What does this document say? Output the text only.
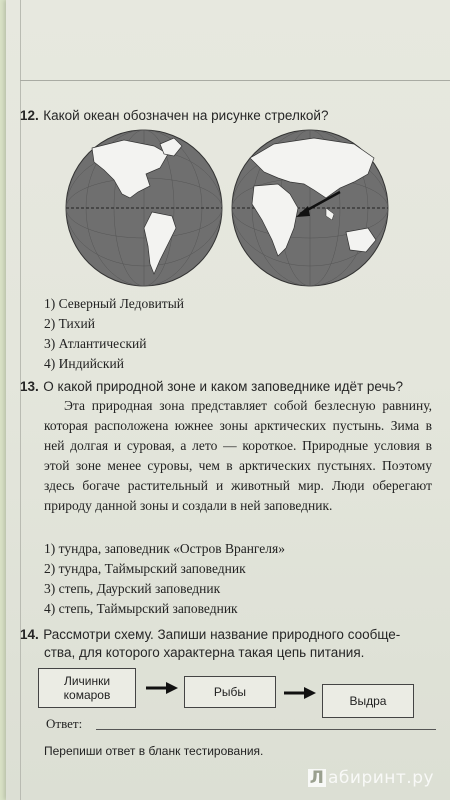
12. Какой океан обозначен на рисунке стрелкой?
1) Северный Ледовитый
2) Тихий
3) Атлантический
4) Индийский
13. О какой природной зоне и каком заповеднике идёт речь?
Эта природная зона представляет собой безлесную равнину, которая расположена южнее зоны арктических пустынь. Зима в ней долгая и суровая, а лето — короткое. Природные условия в этой зоне менее суровы, чем в арктических пустынях. Поэтому здесь богаче растительный и животный мир. Люди оберегают природу данной зоны и создали в ней заповедник.
1) тундра, заповедник «Остров Врангеля»
2) тундра, Таймырский заповедник
3) степь, Даурский заповедник
4) степь, Таймырский заповедник
14. Рассмотри схему. Запиши название природного сообще-
ства, для которого характерна такая цепь питания.
Личинки комаров	Рыбы
Выдра
Ответ:
Перепиши ответ в бланк тестирования.
Л абиринт.ру
